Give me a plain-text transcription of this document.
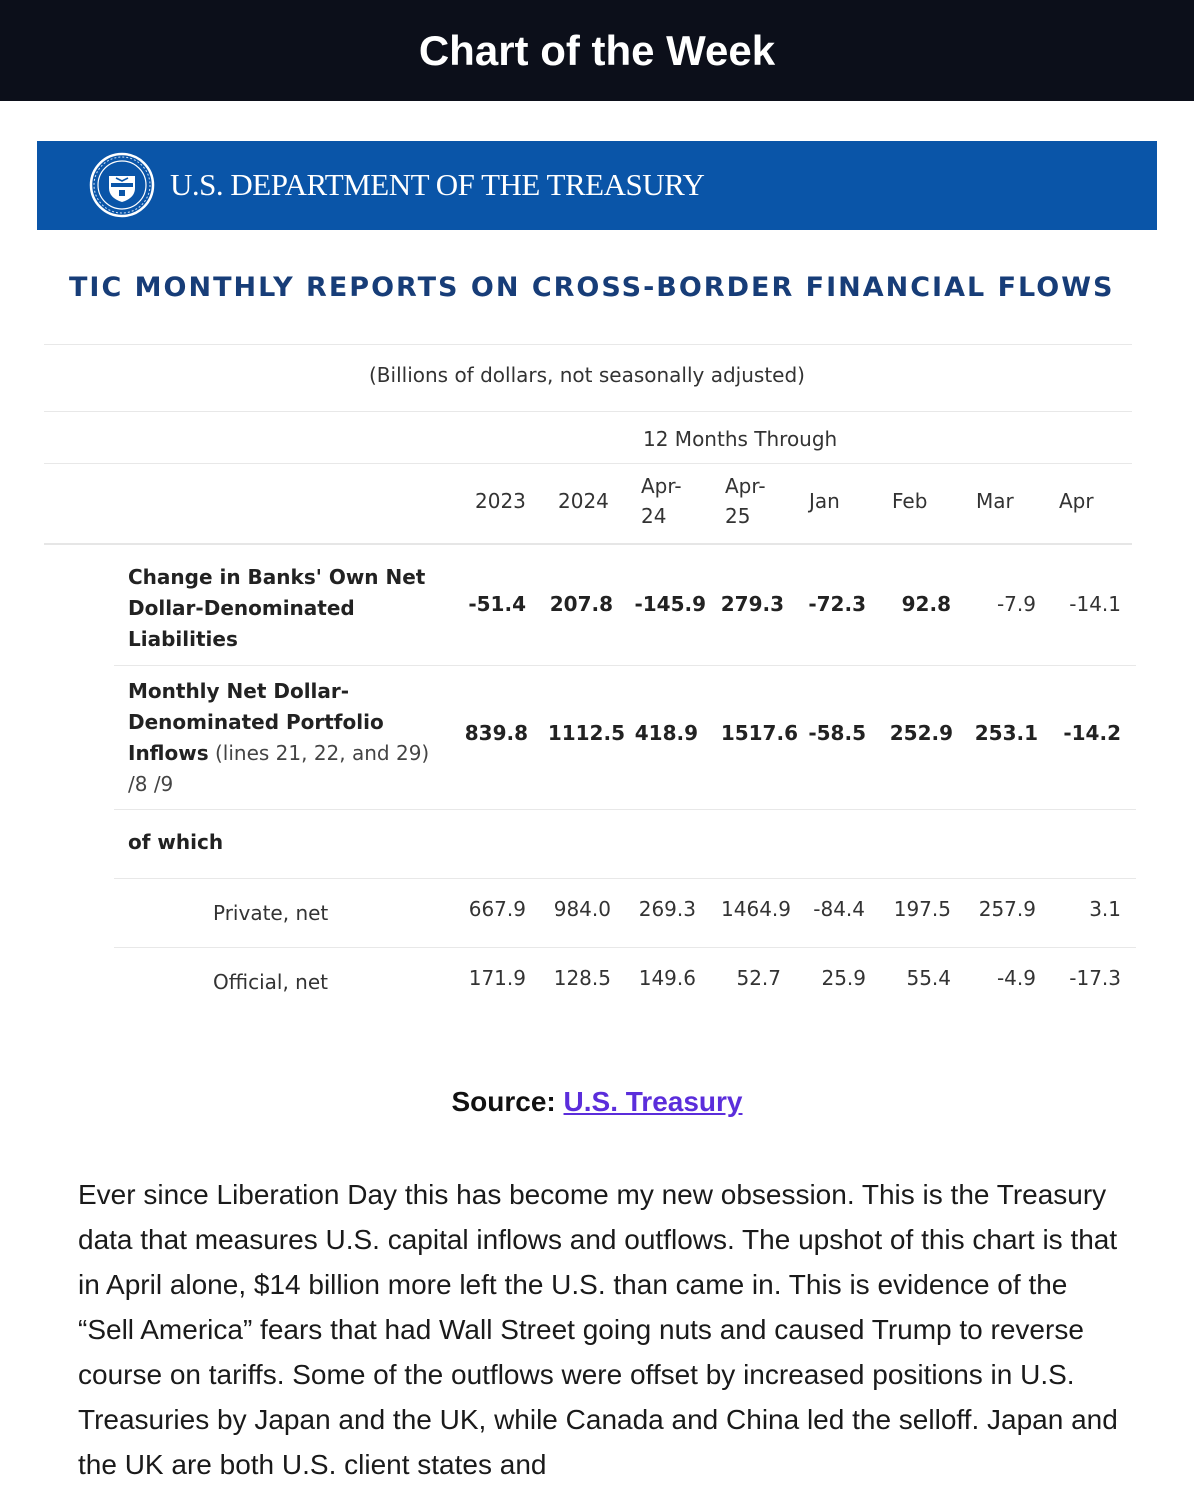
Chart of the Week
U.S. DEPARTMENT OF THE TREASURY
TIC MONTHLY REPORTS ON CROSS-BORDER FINANCIAL FLOWS
(Billions of dollars, not seasonally adjusted)
12 Months Through
2023	2024
Apr-
24
Apr-
25
Jan	Feb	Mar	Apr
Change in Banks' Own Net
Dollar-Denominated
Liabilities
-51.4	207.8	-145.9 279.3	-72.3	92.8	-7.9	-14.1
Monthly Net Dollar-
Denominated Portfolio
Inflows (lines 21, 22, and 29)
/8 /9
839.8 1112.5 418.9 1517.6 -58.5	252.9	253.1	-14.2
of which
Private, net	667.9	984.0	269.3	1464.9	-84.4	197.5	257.9	3.1
Official, net	171.9	128.5	149.6	52.7	25.9	55.4	-4.9	-17.3
Source: U.S. Treasury
Ever since Liberation Day this has become my new obsession. This is the Treasury data that measures U.S. capital inflows and outflows. The upshot of this chart is that in April alone, $14 billion more left the U.S. than came in. This is evidence of the “Sell America” fears that had Wall Street going nuts and caused Trump to reverse course on tariffs. Some of the outflows were offset by increased positions in U.S. Treasuries by Japan and the UK, while Canada and China led the selloff. Japan and the UK are both U.S. client states and
